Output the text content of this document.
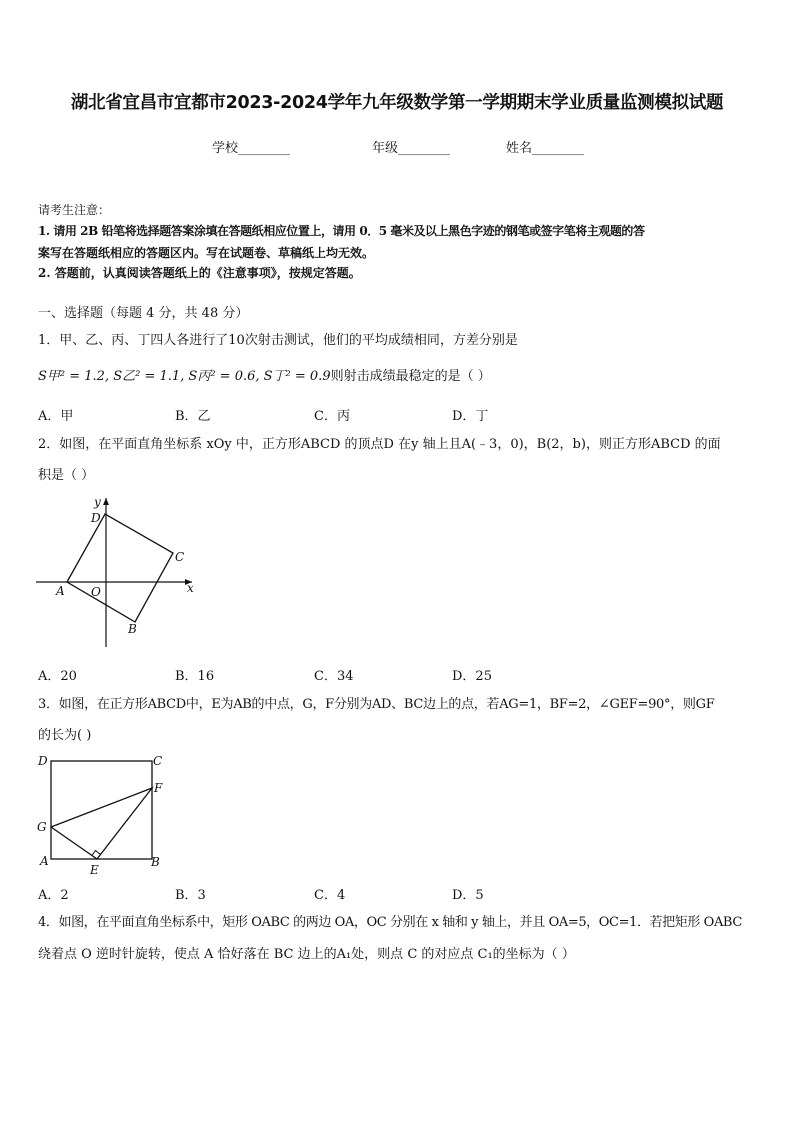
湖北省宜昌市宜都市2023-2024学年九年级数学第一学期期末学业质量监测模拟试题
学校________	年级________	姓名________
请考生注意：
1. 请用 2B 铅笔将选择题答案涂填在答题纸相应位置上，请用 0．5 毫米及以上黑色字迹的钢笔或签字笔将主观题的答
案写在答题纸相应的答题区内。写在试题卷、草稿纸上均无效。
2. 答题前，认真阅读答题纸上的《注意事项》，按规定答题。
一、选择题（每题 4 分，共 48 分）
1．甲、乙、丙、丁四人各进行了10次射击测试，他们的平均成绩相同，方差分别是
S甲² = 1.2, S乙² = 1.1, S丙² = 0.6, S丁² = 0.9则射击成绩最稳定的是（ ）
A．甲	B．乙	C．丙	D．丁
2．如图，在平面直角坐标系 xOy 中，正方形ABCD 的顶点D 在y 轴上且A(﹣3，0)，B(2，b)，则正方形ABCD 的面
积是（ ）
A
B
C
D
O	x
y
A．20	B．16	C．34	D．25
3．如图，在正方形ABCD中，E为AB的中点，G，F分别为AD、BC边上的点，若AG=1，BF=2，∠GEF=90°，则GF
的长为( )
A	B
C
D
E
F
G
A．2	B．3	C．4	D．5
4．如图，在平面直角坐标系中，矩形 OABC 的两边 OA，OC 分别在 x 轴和 y 轴上，并且 OA=5，OC=1．若把矩形 OABC
绕着点 O 逆时针旋转，使点 A 恰好落在 BC 边上的A₁处，则点 C 的对应点 C₁的坐标为（ ）
